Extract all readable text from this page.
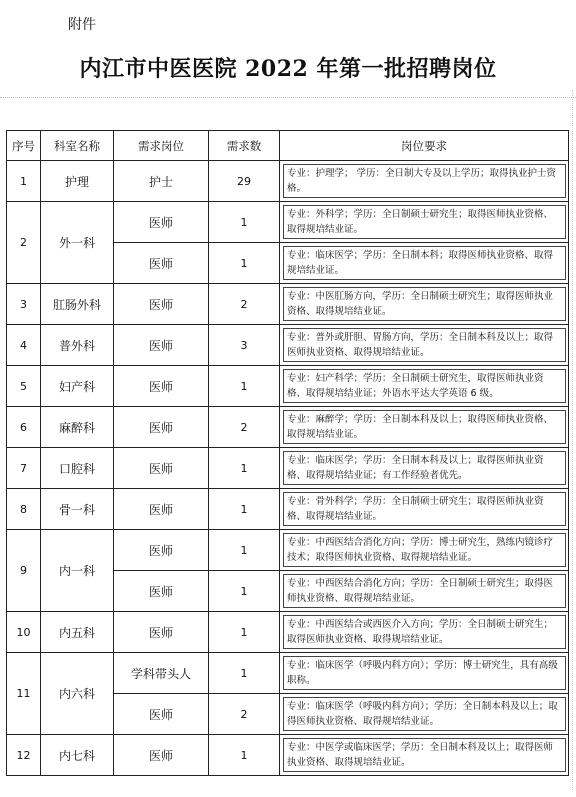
附件
内江市中医医院 2022 年第一批招聘岗位
序号	科室名称	需求岗位	需求数	岗位要求
1	护理	护士	29	专业：护理学； 学历：全日制大专及以上学历；取得执业护士资格。

2	外一科	医师	1	专业：外科学；学历：全日制硕士研究生；取得医师执业资格、取得规培结业证。

		医师	1	专业：临床医学；学历：全日制本科；取得医师执业资格、取得规培结业证。

3	肛肠外科	医师	2	专业：中医肛肠方向，学历：全日制硕士研究生；取得医师执业资格、取得规培结业证。

4	普外科	医师	3	专业：普外或肝胆、胃肠方向，学历：全日制本科及以上；取得医师执业资格、取得规培结业证。

5	妇产科	医师	1	专业：妇产科学；学历：全日制硕士研究生，取得医师执业资格、取得规培结业证；外语水平达大学英语 6 级。

6	麻醉科	医师	2	专业：麻醉学；学历：全日制本科及以上；取得医师执业资格、取得规培结业证。

7	口腔科	医师	1	专业：临床医学；学历：全日制本科及以上；取得医师执业资格、取得规培结业证；有工作经验者优先。

8	骨一科	医师	1	专业：骨外科学；学历：全日制硕士研究生；取得医师执业资格、取得规培结业证。

9	内一科	医师	1	专业：中西医结合消化方向；学历：博士研究生，熟练内镜诊疗技术；取得医师执业资格、取得规培结业证。

		医师	1	专业：中西医结合消化方向；学历：全日制硕士研究生；取得医师执业资格、取得规培结业证。

10	内五科	医师	1	专业：中西医结合或西医介入方向；学历：全日制硕士研究生；取得医师执业资格、取得规培结业证。

11	内六科	学科带头人	1	专业：临床医学（呼吸内科方向）；学历：博士研究生，具有高级职称。

		医师	2	专业：临床医学（呼吸内科方向）；学历：全日制本科及以上；取得医师执业资格、取得规培结业证。

12	内七科	医师	1	专业：中医学或临床医学；学历：全日制本科及以上；取得医师执业资格、取得规培结业证。
